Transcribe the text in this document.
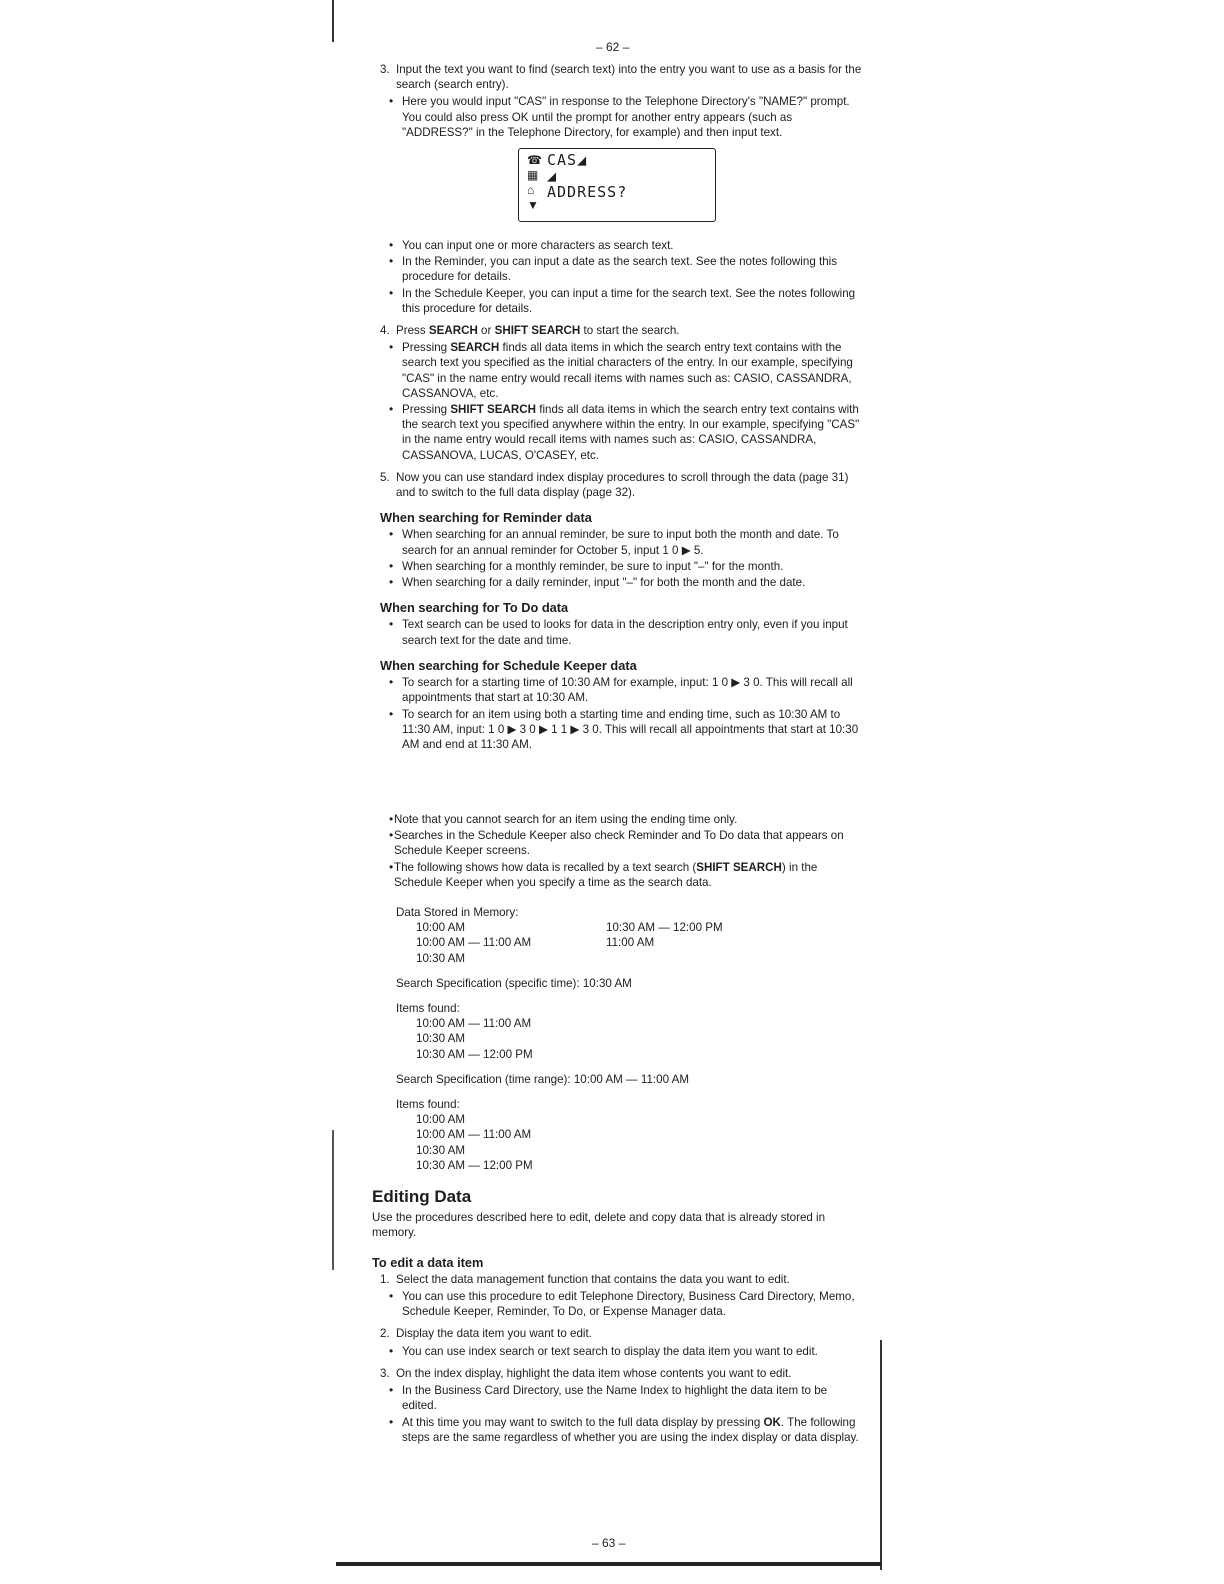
– 62 –
3. Input the text you want to find (search text) into the entry you want to use as a basis for the search (search entry).
• Here you would input "CAS" in response to the Telephone Directory's "NAME?" prompt. You could also press OK until the prompt for another entry appears (such as "ADDRESS?" in the Telephone Directory, for example) and then input text.
☎
▦
⌂
▼
CAS◢
◢
ADDRESS?
• You can input one or more characters as search text.
• In the Reminder, you can input a date as the search text. See the notes following this procedure for details.
• In the Schedule Keeper, you can input a time for the search text. See the notes following this procedure for details.
4. Press SEARCH or SHIFT SEARCH to start the search.
• Pressing SEARCH finds all data items in which the search entry text contains with the search text you specified as the initial characters of the entry. In our example, specifying "CAS" in the name entry would recall items with names such as: CASIO, CASSANDRA, CASSANOVA, etc.
• Pressing SHIFT SEARCH finds all data items in which the search entry text contains with the search text you specified anywhere within the entry. In our example, specifying "CAS" in the name entry would recall items with names such as: CASIO, CASSANDRA, CASSANOVA, LUCAS, O'CASEY, etc.
5. Now you can use standard index display procedures to scroll through the data (page 31) and to switch to the full data display (page 32).
When searching for Reminder data
• When searching for an annual reminder, be sure to input both the month and date. To search for an annual reminder for October 5, input 1 0 ▶ 5.
• When searching for a monthly reminder, be sure to input "–" for the month.
• When searching for a daily reminder, input "–" for both the month and the date.
When searching for To Do data
• Text search can be used to looks for data in the description entry only, even if you input search text for the date and time.
When searching for Schedule Keeper data
• To search for a starting time of 10:30 AM for example, input: 1 0 ▶ 3 0. This will recall all appointments that start at 10:30 AM.
• To search for an item using both a starting time and ending time, such as 10:30 AM to 11:30 AM, input: 1 0 ▶ 3 0 ▶ 1 1 ▶ 3 0. This will recall all appointments that start at 10:30 AM and end at 11:30 AM.
• Note that you cannot search for an item using the ending time only.
• Searches in the Schedule Keeper also check Reminder and To Do data that appears on Schedule Keeper screens.
• The following shows how data is recalled by a text search (SHIFT SEARCH) in the Schedule Keeper when you specify a time as the search data.
Data Stored in Memory:
10:00 AM
10:00 AM — 11:00 AM
10:30 AM
10:30 AM — 12:00 PM
11:00 AM
Search Specification (specific time): 10:30 AM
Items found:
10:00 AM — 11:00 AM
10:30 AM
10:30 AM — 12:00 PM
Search Specification (time range): 10:00 AM — 11:00 AM
Items found:
10:00 AM
10:00 AM — 11:00 AM
10:30 AM
10:30 AM — 12:00 PM
Editing Data
Use the procedures described here to edit, delete and copy data that is already stored in memory.
To edit a data item
1. Select the data management function that contains the data you want to edit.
• You can use this procedure to edit Telephone Directory, Business Card Directory, Memo, Schedule Keeper, Reminder, To Do, or Expense Manager data.
2. Display the data item you want to edit.
• You can use index search or text search to display the data item you want to edit.
3. On the index display, highlight the data item whose contents you want to edit.
• In the Business Card Directory, use the Name Index to highlight the data item to be edited.
• At this time you may want to switch to the full data display by pressing OK. The following steps are the same regardless of whether you are using the index display or data display.
– 63 –
